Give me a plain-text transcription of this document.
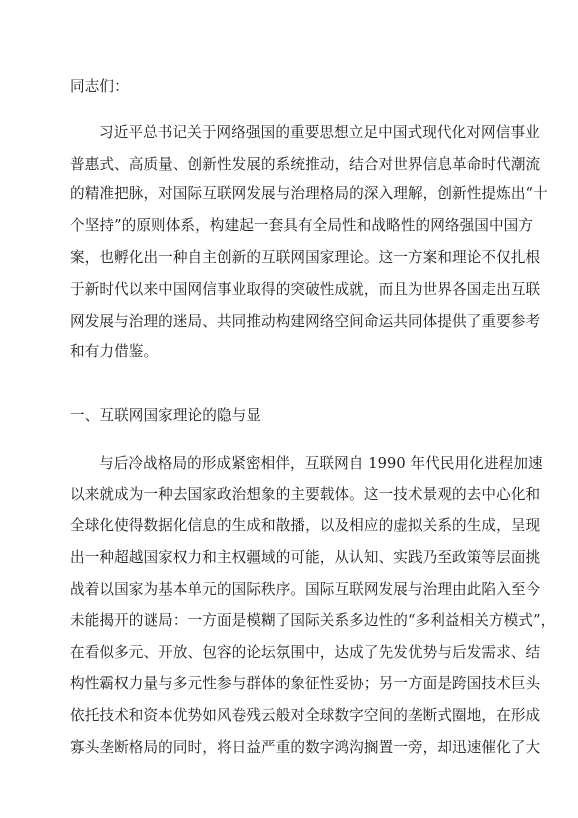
同志们：
习近平总书记关于网络强国的重要思想立足中国式现代化对网信事业
普惠式、高质量、创新性发展的系统推动，结合对世界信息革命时代潮流
的精准把脉，对国际互联网发展与治理格局的深入理解，创新性提炼出“十
个坚持”的原则体系，构建起一套具有全局性和战略性的网络强国中国方
案，也孵化出一种自主创新的互联网国家理论。这一方案和理论不仅扎根
于新时代以来中国网信事业取得的突破性成就，而且为世界各国走出互联
网发展与治理的迷局、共同推动构建网络空间命运共同体提供了重要参考
和有力借鉴。
一、互联网国家理论的隐与显
与后冷战格局的形成紧密相伴，互联网自 1990 年代民用化进程加速
以来就成为一种去国家政治想象的主要载体。这一技术景观的去中心化和
全球化使得数据化信息的生成和散播，以及相应的虚拟关系的生成，呈现
出一种超越国家权力和主权疆域的可能，从认知、实践乃至政策等层面挑
战着以国家为基本单元的国际秩序。国际互联网发展与治理由此陷入至今
未能揭开的谜局：一方面是模糊了国际关系多边性的“多利益相关方模式”，
在看似多元、开放、包容的论坛氛围中，达成了先发优势与后发需求、结
构性霸权力量与多元性参与群体的象征性妥协；另一方面是跨国技术巨头
依托技术和资本优势如风卷残云般对全球数字空间的垄断式圈地，在形成
寡头垄断格局的同时，将日益严重的数字鸿沟搁置一旁，却迅速催化了大
